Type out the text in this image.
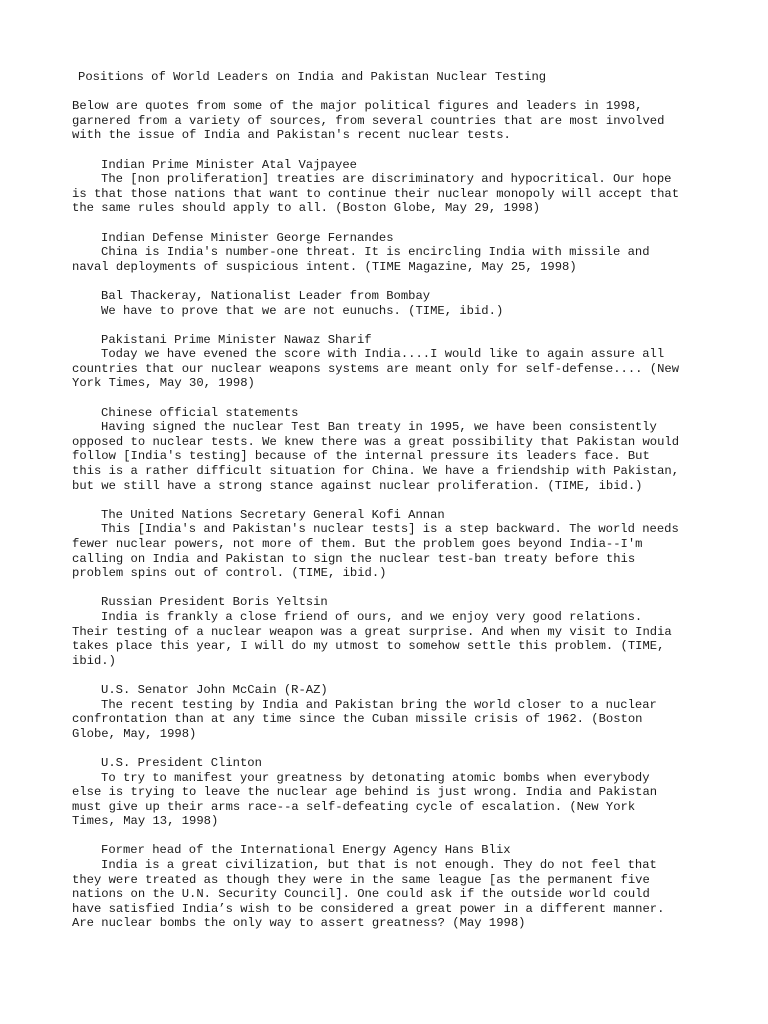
Positions of World Leaders on India and Pakistan Nuclear Testing
Below are quotes from some of the major political figures and leaders in 1998,
garnered from a variety of sources, from several countries that are most involved
with the issue of India and Pakistan's recent nuclear tests.
Indian Prime Minister Atal Vajpayee
The [non proliferation] treaties are discriminatory and hypocritical. Our hope
is that those nations that want to continue their nuclear monopoly will accept that
the same rules should apply to all. (Boston Globe, May 29, 1998)
Indian Defense Minister George Fernandes
China is India's number-one threat. It is encircling India with missile and
naval deployments of suspicious intent. (TIME Magazine, May 25, 1998)
Bal Thackeray, Nationalist Leader from Bombay
We have to prove that we are not eunuchs. (TIME, ibid.)
Pakistani Prime Minister Nawaz Sharif
Today we have evened the score with India....I would like to again assure all
countries that our nuclear weapons systems are meant only for self-defense.... (New
York Times, May 30, 1998)
Chinese official statements
Having signed the nuclear Test Ban treaty in 1995, we have been consistently
opposed to nuclear tests. We knew there was a great possibility that Pakistan would
follow [India's testing] because of the internal pressure its leaders face. But
this is a rather difficult situation for China. We have a friendship with Pakistan,
but we still have a strong stance against nuclear proliferation. (TIME, ibid.)
The United Nations Secretary General Kofi Annan
This [India's and Pakistan's nuclear tests] is a step backward. The world needs
fewer nuclear powers, not more of them. But the problem goes beyond India--I'm
calling on India and Pakistan to sign the nuclear test-ban treaty before this
problem spins out of control. (TIME, ibid.)
Russian President Boris Yeltsin
India is frankly a close friend of ours, and we enjoy very good relations.
Their testing of a nuclear weapon was a great surprise. And when my visit to India
takes place this year, I will do my utmost to somehow settle this problem. (TIME,
ibid.)
U.S. Senator John McCain (R-AZ)
The recent testing by India and Pakistan bring the world closer to a nuclear
confrontation than at any time since the Cuban missile crisis of 1962. (Boston
Globe, May, 1998)
U.S. President Clinton
To try to manifest your greatness by detonating atomic bombs when everybody
else is trying to leave the nuclear age behind is just wrong. India and Pakistan
must give up their arms race--a self-defeating cycle of escalation. (New York
Times, May 13, 1998)
Former head of the International Energy Agency Hans Blix
India is a great civilization, but that is not enough. They do not feel that
they were treated as though they were in the same league [as the permanent five
nations on the U.N. Security Council]. One could ask if the outside world could
have satisfied India’s wish to be considered a great power in a different manner.
Are nuclear bombs the only way to assert greatness? (May 1998)
